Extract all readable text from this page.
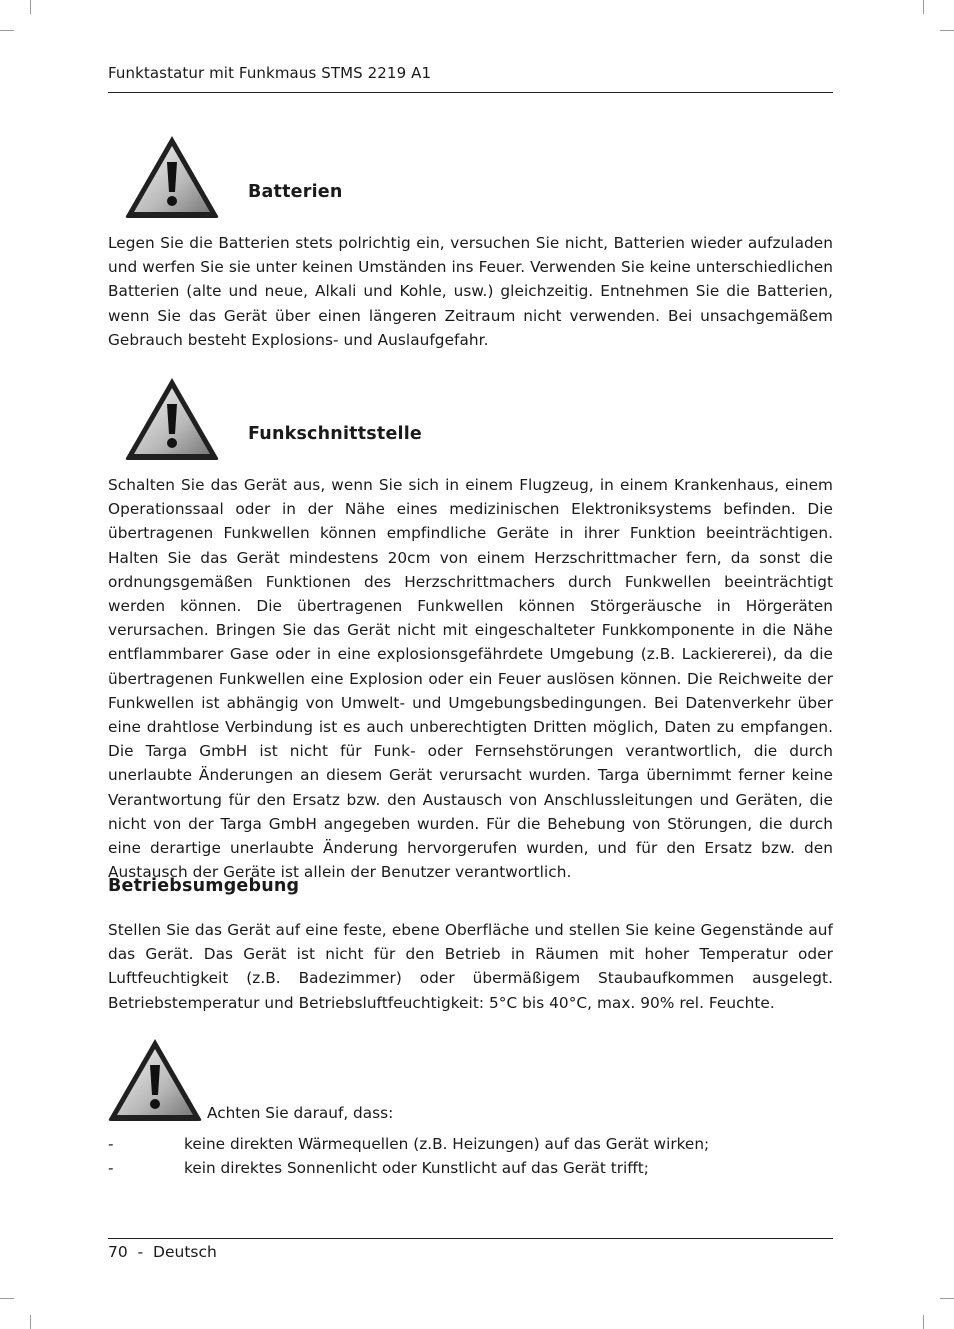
Funktastatur mit Funkmaus STMS 2219 A1
Batterien

Legen Sie die Batterien stets polrichtig ein, versuchen Sie nicht, Batterien wieder aufzuladen und werfen Sie sie unter keinen Umständen ins Feuer. Verwenden Sie keine unterschiedlichen Batterien (alte und neue, Alkali und Kohle, usw.) gleichzeitig. Entnehmen Sie die Batterien, wenn Sie das Gerät über einen längeren Zeitraum nicht verwenden. Bei unsachgemäßem Gebrauch besteht Explosions- und Auslaufgefahr.

Funkschnittstelle

Schalten Sie das Gerät aus, wenn Sie sich in einem Flugzeug, in einem Krankenhaus, einem Operationssaal oder in der Nähe eines medizinischen Elektroniksystems befinden. Die übertragenen Funkwellen können empfindliche Geräte in ihrer Funktion beeinträchtigen. Halten Sie das Gerät mindestens 20cm von einem Herzschrittmacher fern, da sonst die ordnungsgemäßen Funktionen des Herzschrittmachers durch Funkwellen beeinträchtigt werden können. Die übertragenen Funkwellen können Störgeräusche in Hörgeräten verursachen. Bringen Sie das Gerät nicht mit eingeschalteter Funkkomponente in die Nähe entflammbarer Gase oder in eine explosionsgefährdete Umgebung (z.B. Lackiererei), da die übertragenen Funkwellen eine Explosion oder ein Feuer auslösen können. Die Reichweite der Funkwellen ist abhängig von Umwelt- und Umgebungsbedingungen. Bei Datenverkehr über eine drahtlose Verbindung ist es auch unberechtigten Dritten möglich, Daten zu empfangen. Die Targa GmbH ist nicht für Funk- oder Fernsehstörungen verantwortlich, die durch unerlaubte Änderungen an diesem Gerät verursacht wurden. Targa übernimmt ferner keine Verantwortung für den Ersatz bzw. den Austausch von Anschlussleitungen und Geräten, die nicht von der Targa GmbH angegeben wurden. Für die Behebung von Störungen, die durch eine derartige unerlaubte Änderung hervorgerufen wurden, und für den Ersatz bzw. den Austausch der Geräte ist allein der Benutzer verantwortlich.

Betriebsumgebung

Stellen Sie das Gerät auf eine feste, ebene Oberfläche und stellen Sie keine Gegenstände auf das Gerät. Das Gerät ist nicht für den Betrieb in Räumen mit hoher Temperatur oder Luftfeuchtigkeit (z.B. Badezimmer) oder übermäßigem Staubaufkommen ausgelegt. Betriebstemperatur und Betriebsluftfeuchtigkeit: 5°C bis 40°C, max. 90% rel. Feuchte.

Achten Sie darauf, dass:
-	keine direkten Wärmequellen (z.B. Heizungen) auf das Gerät wirken;
-	kein direktes Sonnenlicht oder Kunstlicht auf das Gerät trifft;
70  -  Deutsch
